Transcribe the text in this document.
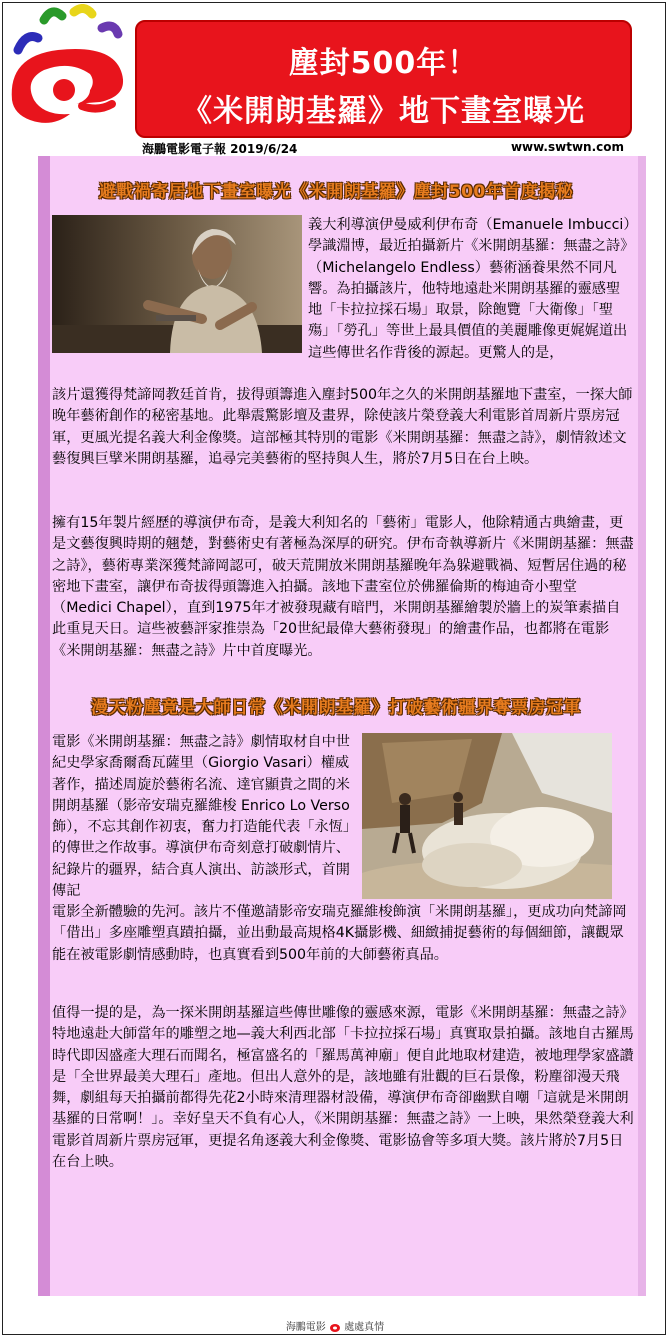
塵封500年！
《米開朗基羅》地下畫室曝光
海鵬電影電子報 2019/6/24	www.swtwn.com
避戰禍寄居地下畫室曝光《米開朗基羅》塵封500年首度揭秘

義大利導演伊曼威利伊布奇（Emanuele Imbucci）學識淵博，最近拍攝新片《米開朗基羅：無盡之詩》（Michelangelo Endless）藝術涵養果然不同凡響。為拍攝該片，他特地遠赴米開朗基羅的靈感聖地「卡拉拉採石場」取景，除飽覽「大衛像」「聖殤」「勞孔」等世上最具價值的美麗雕像更娓娓道出這些傳世名作背後的源起。更驚人的是，

該片還獲得梵諦岡教廷首肯，拔得頭籌進入塵封500年之久的米開朗基羅地下畫室，一探大師晚年藝術創作的秘密基地。此舉震驚影壇及畫界，除使該片榮登義大利電影首周新片票房冠軍，更風光提名義大利金像獎。這部極其特別的電影《米開朗基羅：無盡之詩》，劇情敘述文藝復興巨擘米開朗基羅，追尋完美藝術的堅持與人生，將於7月5日在台上映。

擁有15年製片經歷的導演伊布奇，是義大利知名的「藝術」電影人，他除精通古典繪畫，更是文藝復興時期的翹楚，對藝術史有著極為深厚的研究。伊布奇執導新片《米開朗基羅：無盡之詩》，藝術專業深獲梵諦岡認可，破天荒開放米開朗基羅晚年為躲避戰禍、短暫居住過的秘密地下畫室，讓伊布奇拔得頭籌進入拍攝。該地下畫室位於佛羅倫斯的梅迪奇小聖堂（Medici Chapel），直到1975年才被發現藏有暗門，米開朗基羅繪製於牆上的炭筆素描自此重見天日。這些被藝評家推崇為「20世紀最偉大藝術發現」的繪畫作品，也都將在電影《米開朗基羅：無盡之詩》片中首度曝光。

漫天粉塵竟是大師日常《米開朗基羅》打破藝術疆界奪票房冠軍

電影《米開朗基羅：無盡之詩》劇情取材自中世紀史學家喬爾喬瓦薩里（Giorgio Vasari）權威著作，描述周旋於藝術名流、達官顯貴之間的米開朗基羅（影帝安瑞克羅維梭 Enrico Lo Verso飾），不忘其創作初衷，奮力打造能代表「永恆」的傳世之作故事。導演伊布奇刻意打破劇情片、紀錄片的疆界，結合真人演出、訪談形式，首開傳記

電影全新體驗的先河。該片不僅邀請影帝安瑞克羅維梭飾演「米開朗基羅」，更成功向梵諦岡「借出」多座雕塑真蹟拍攝，並出動最高規格4K攝影機、細緻捕捉藝術的每個細節，讓觀眾能在被電影劇情感動時，也真實看到500年前的大師藝術真品。

值得一提的是，為一探米開朗基羅這些傳世雕像的靈感來源，電影《米開朗基羅：無盡之詩》特地遠赴大師當年的雕塑之地—義大利西北部「卡拉拉採石場」真實取景拍攝。該地自古羅馬時代即因盛產大理石而聞名，極富盛名的「羅馬萬神廟」便自此地取材建造，被地理學家盛讚是「全世界最美大理石」產地。但出人意外的是，該地雖有壯觀的巨石景像，粉塵卻漫天飛舞，劇組每天拍攝前都得先花2小時來清理器材設備，導演伊布奇卻幽默自嘲「這就是米開朗基羅的日常啊！」。幸好皇天不負有心人，《米開朗基羅：無盡之詩》一上映，果然榮登義大利電影首周新片票房冠軍，更提名角逐義大利金像獎、電影協會等多項大獎。該片將於7月5日在台上映。

海鵬電影 處處真情
